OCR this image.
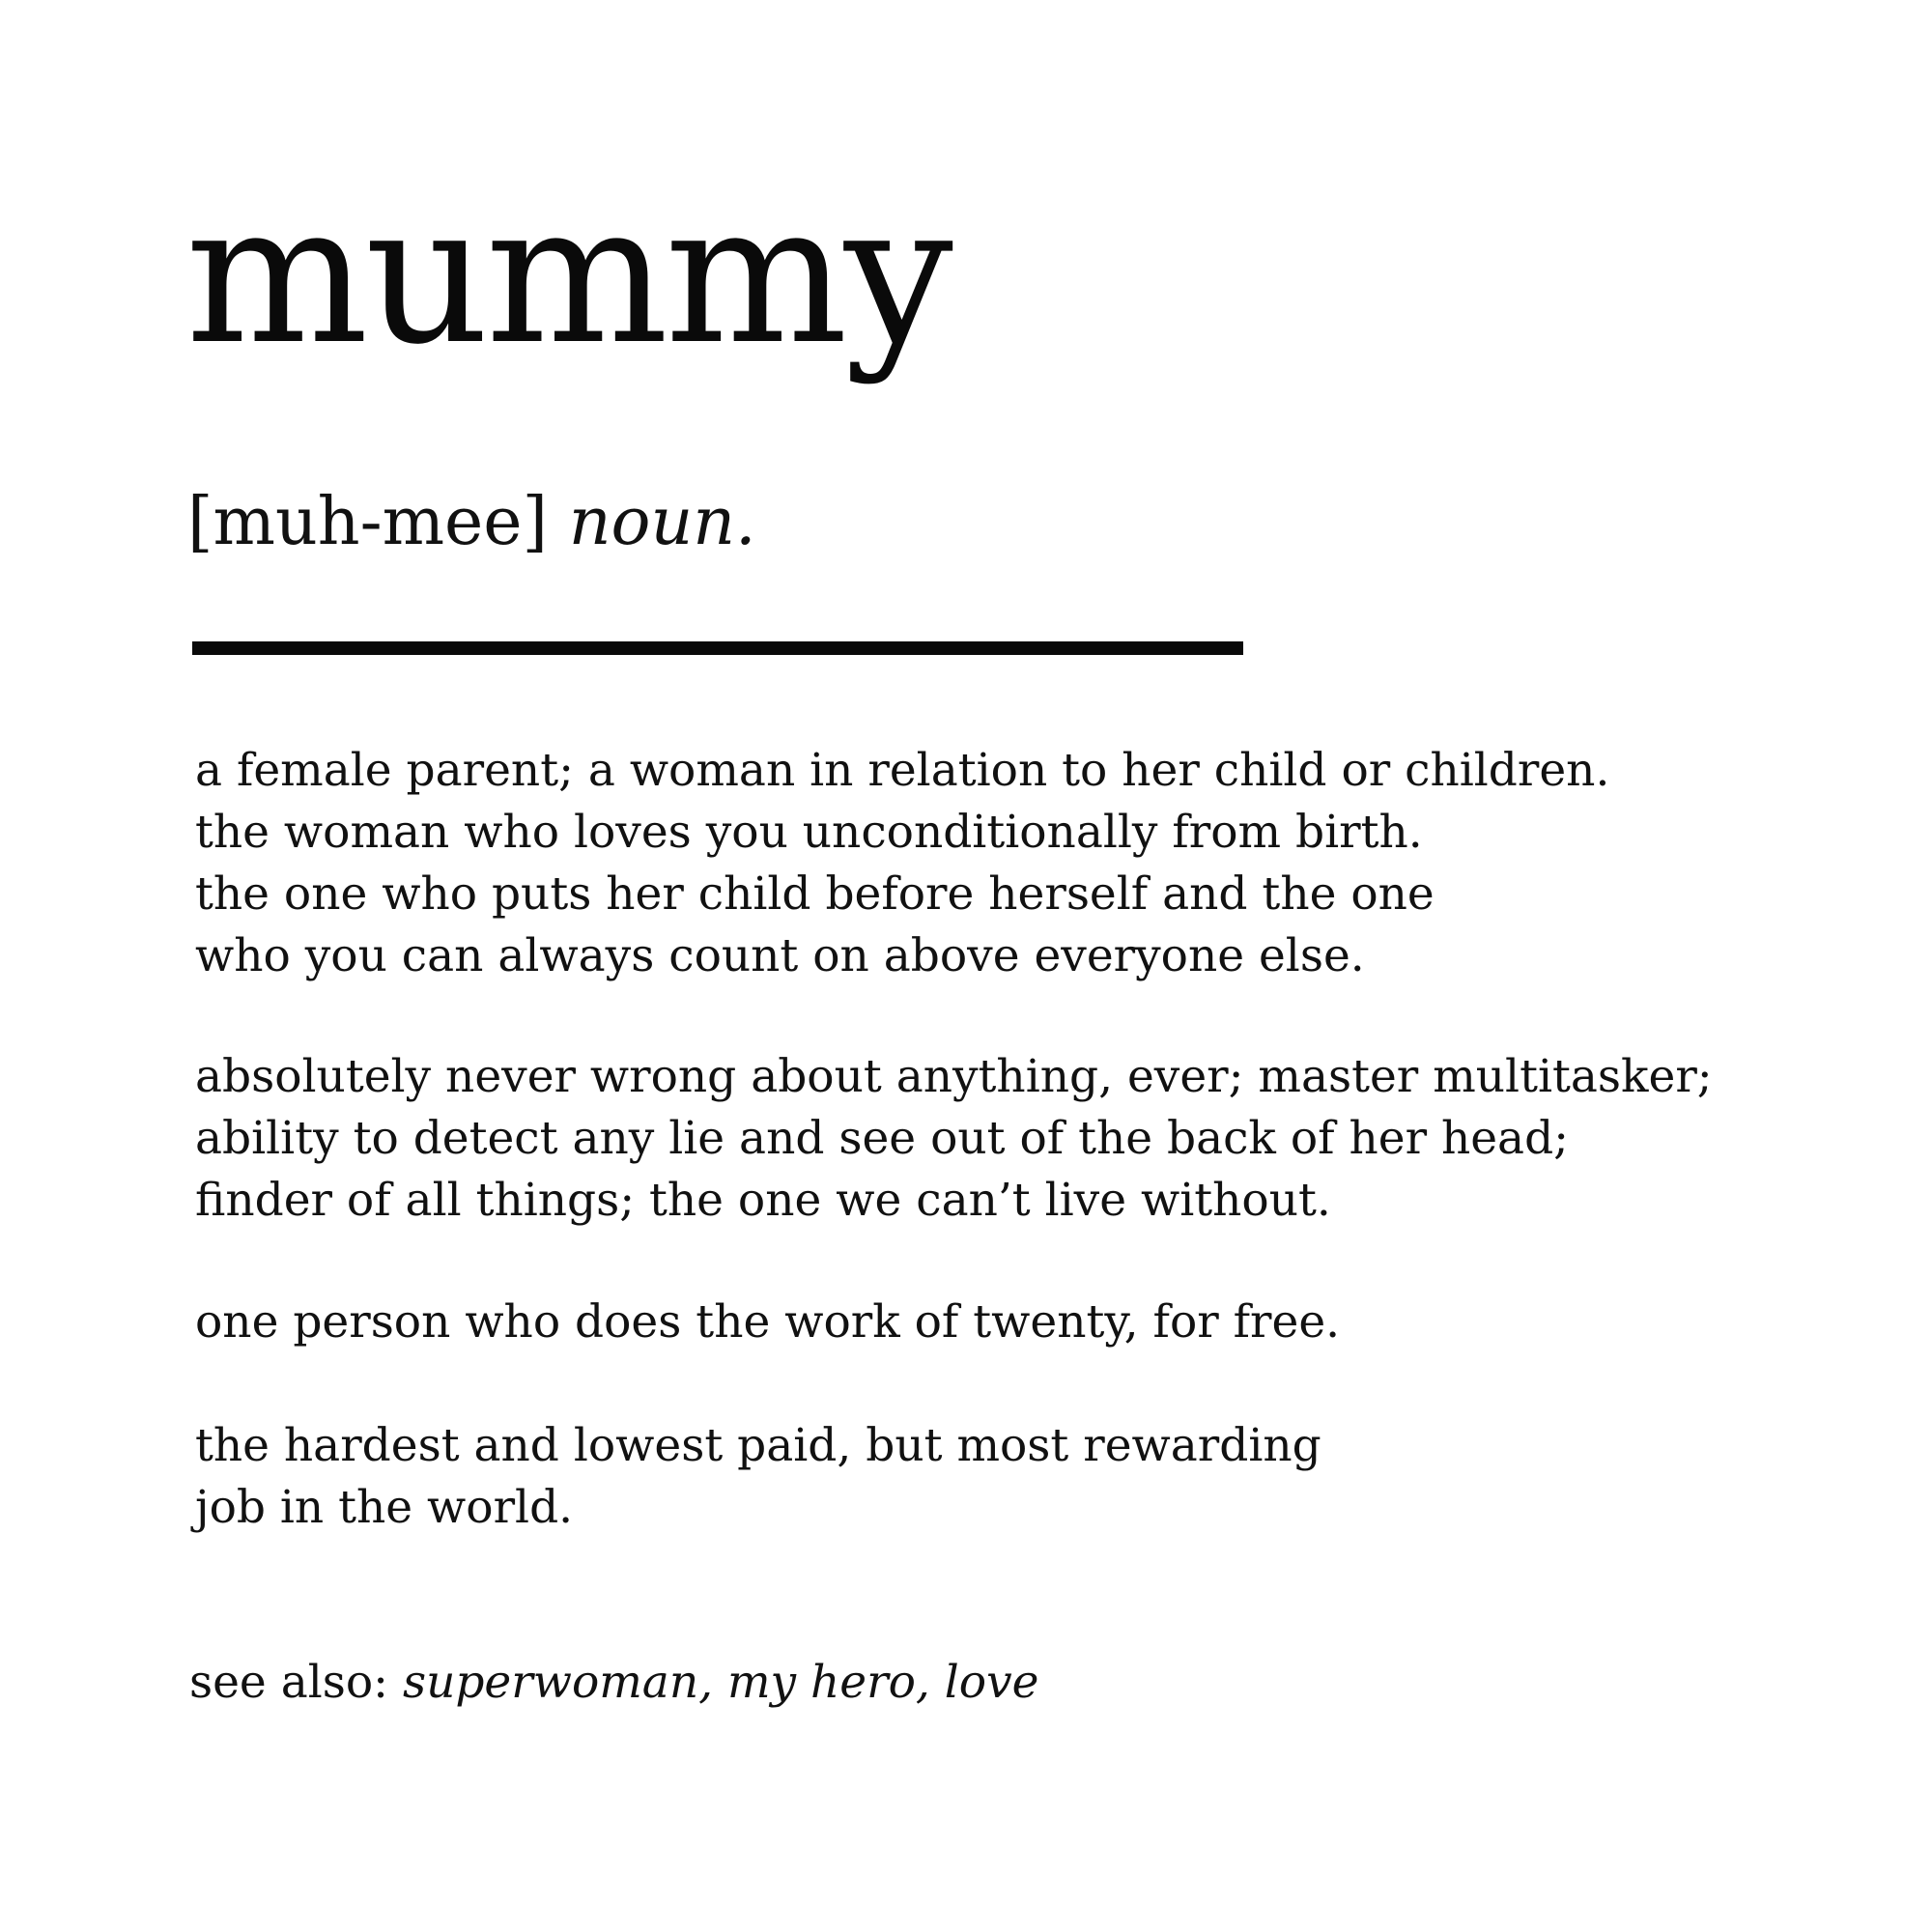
mummy

[muh-mee] noun.

a female parent; a woman in relation to her child or children.
the woman who loves you unconditionally from birth.
the one who puts her child before herself and the one
who you can always count on above everyone else.

absolutely never wrong about anything, ever; master multitasker;
ability to detect any lie and see out of the back of her head;
finder of all things; the one we can’t live without.

one person who does the work of twenty, for free.

the hardest and lowest paid, but most rewarding
job in the world.

see also: superwoman, my hero, love
